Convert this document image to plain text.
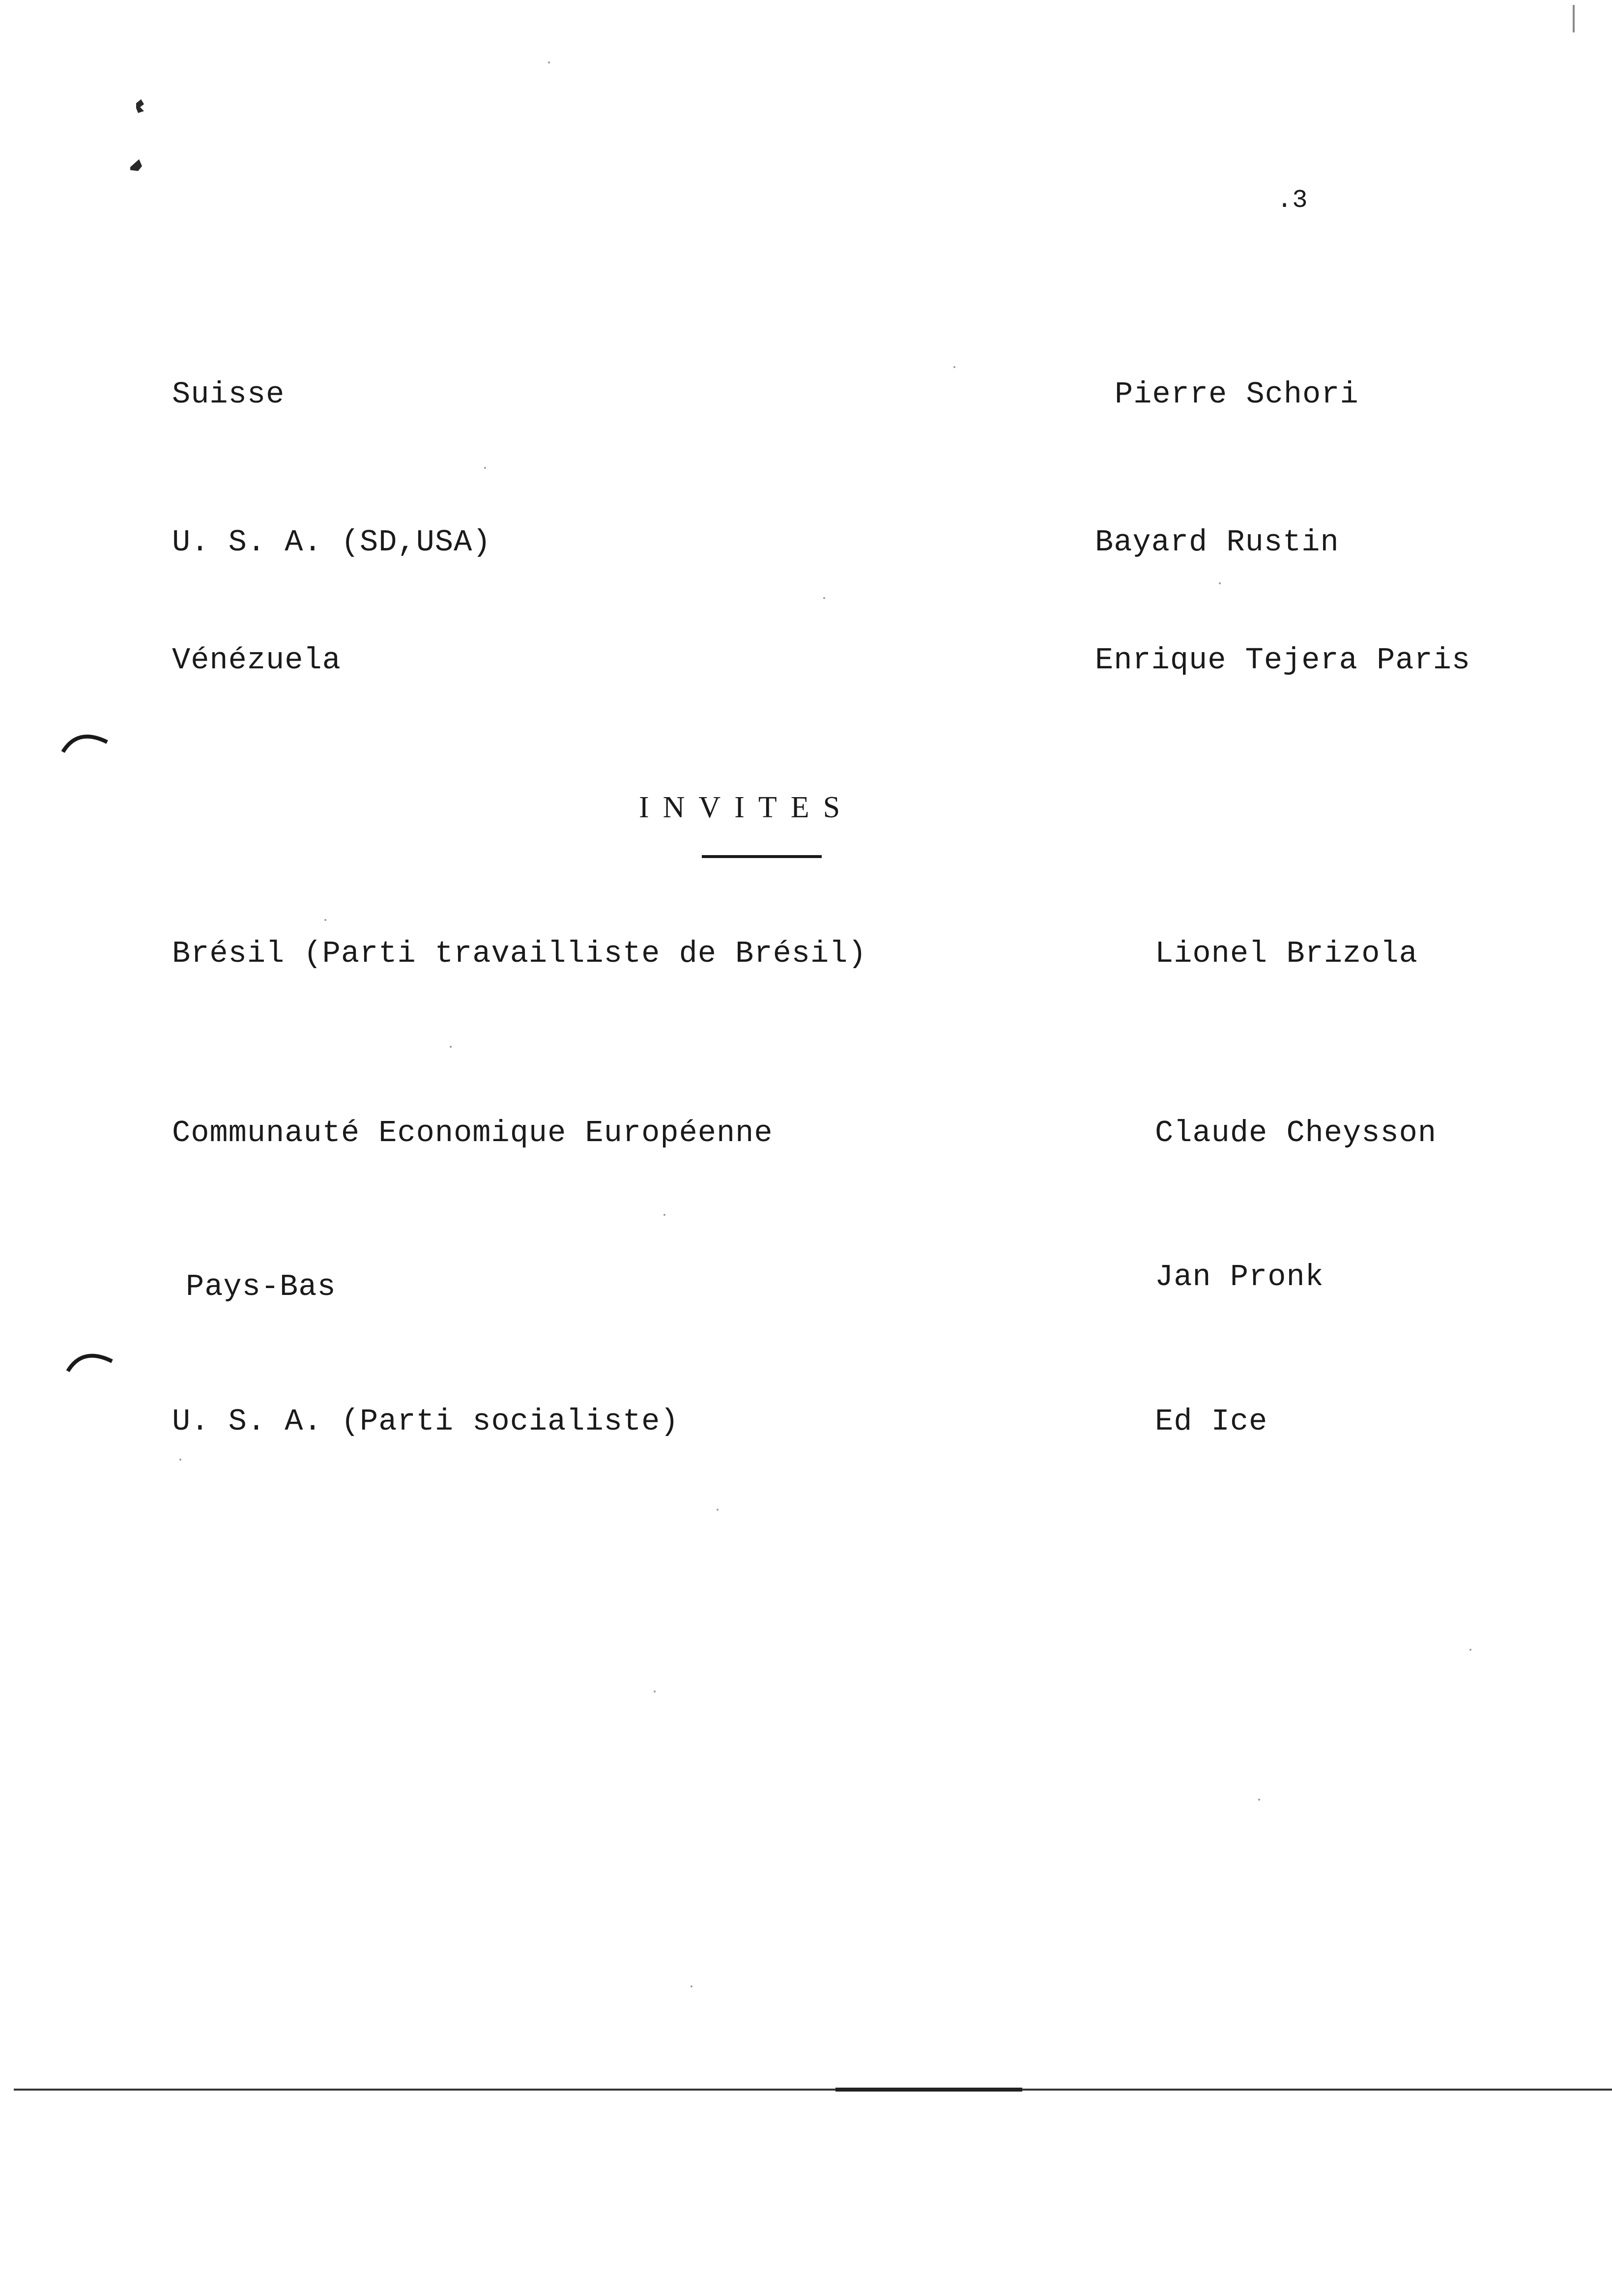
.3
Suisse	Pierre Schori
U. S. A. (SD,USA)	Bayard Rustin
Vénézuela	Enrique Tejera Paris
INVITES
Brésil (Parti travailliste de Brésil)	Lionel Brizola
Communauté Economique Européenne	Claude Cheysson
Pays-Bas	Jan Pronk
U. S. A. (Parti socialiste)	Ed Ice
